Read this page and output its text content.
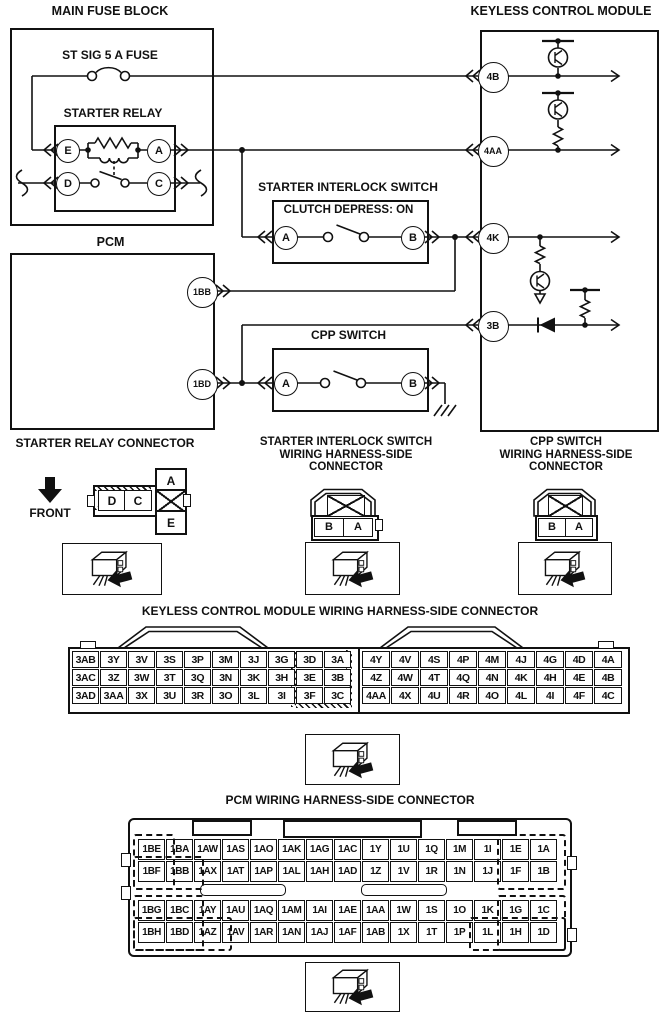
MAIN FUSE BLOCK
ST SIG 5 A FUSE
STARTER RELAY
KEYLESS CONTROL MODULE
PCM
STARTER INTERLOCK SWITCH
CLUTCH DEPRESS: ON
CPP SWITCH
E	A
D	C
A	B
A	B
4B
4AA
4K
3B
1BB
1BD
STARTER RELAY CONNECTOR
FRONT
D	C
A
E
STARTER INTERLOCK SWITCH
WIRING HARNESS-SIDE
CONNECTOR
B	A
CPP SWITCH
WIRING HARNESS-SIDE
CONNECTOR
B	A
KEYLESS CONTROL MODULE WIRING HARNESS-SIDE CONNECTOR
3AB	3Y	3V	3S	3P	3M	3J	3G	3D	3A
3AC	3Z	3W	3T	3Q	3N	3K	3H	3E	3B
3AD 3AA	3X	3U	3R	3O	3L	3I	3F	3C
4Y	4V	4S	4P	4M	4J	4G	4D	4A
4Z	4W	4T	4Q	4N	4K	4H	4E	4B
4AA	4X	4U	4R	4O	4L	4I	4F	4C
PCM WIRING HARNESS-SIDE CONNECTOR
1BE 1BA 1AW 1AS 1AO 1AK 1AG 1AC	1Y	1U	1Q	1M	1I	1E	1A
1BF 1BB 1AX	1AT	1AP	1AL 1AH 1AD	1Z	1V	1R	1N	1J	1F	1B
1BG 1BC 1AY 1AU 1AQ 1AM	1AI	1AE 1AA	1W	1S	1O	1K	1G	1C
1BH 1BD 1AZ	1AV 1AR 1AN	1AJ	1AF 1AB	1X	1T	1P	1L	1H	1D
